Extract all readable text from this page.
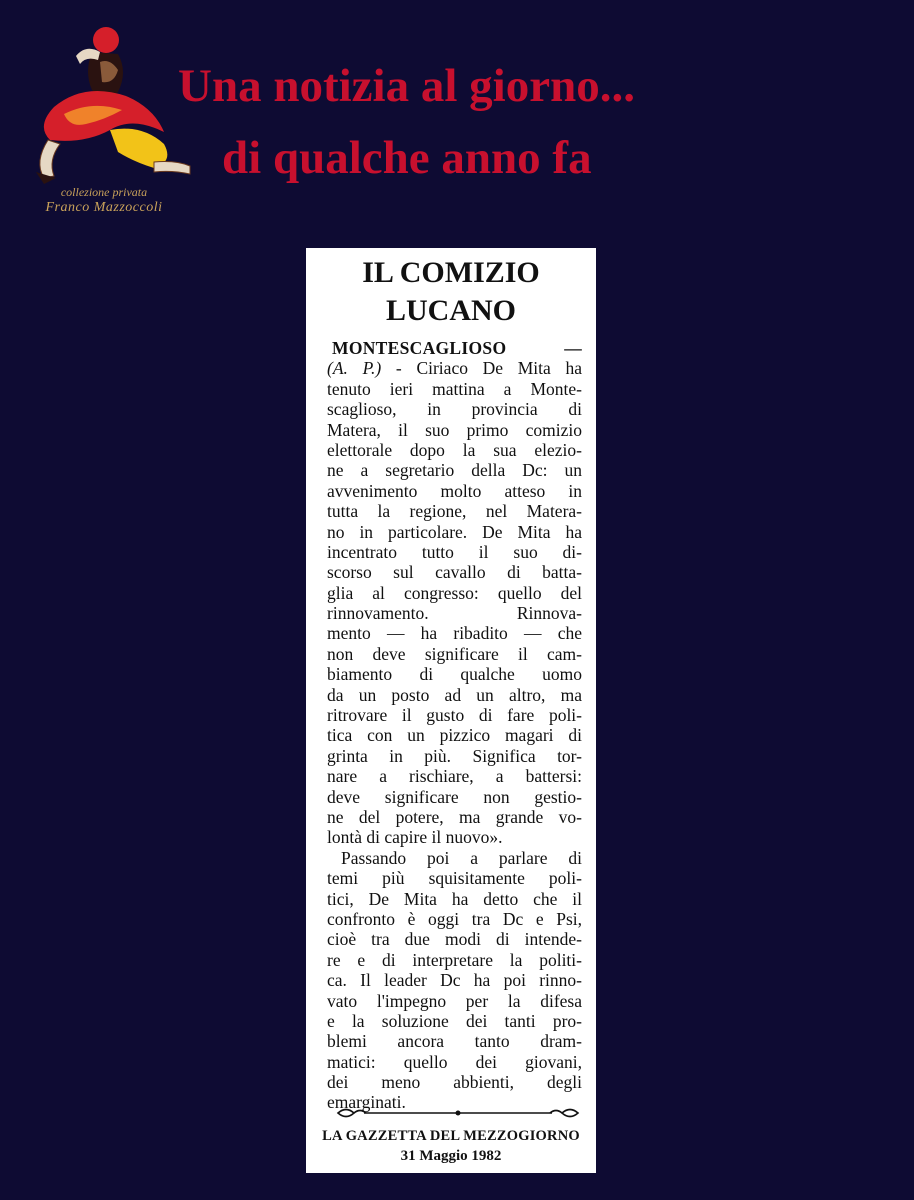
collezione privata
Franco Mazzoccoli
Una notizia al giorno...
di qualche anno fa
IL COMIZIO
LUCANO
MONTESCAGLIOSO —
(A. P.) - Ciriaco De Mita ha
tenuto ieri mattina a Monte-
scaglioso, in provincia di
Matera, il suo primo comizio
elettorale dopo la sua elezio-
ne a segretario della Dc: un
avvenimento molto atteso in
tutta la regione, nel Matera-
no in particolare. De Mita ha
incentrato tutto il suo di-
scorso sul cavallo di batta-
glia al congresso: quello del
rinnovamento. Rinnova-
mento — ha ribadito — che
non deve significare il cam-
biamento di qualche uomo
da un posto ad un altro, ma
ritrovare il gusto di fare poli-
tica con un pizzico magari di
grinta in più. Significa tor-
nare a rischiare, a battersi:
deve significare non gestio-
ne del potere, ma grande vo-
lontà di capire il nuovo».
Passando poi a parlare di
temi più squisitamente poli-
tici, De Mita ha detto che il
confronto è oggi tra Dc e Psi,
cioè tra due modi di intende-
re e di interpretare la politi-
ca. Il leader Dc ha poi rinno-
vato l'impegno per la difesa
e la soluzione dei tanti pro-
blemi ancora tanto dram-
matici: quello dei giovani,
dei meno abbienti, degli
emarginati.
LA GAZZETTA DEL MEZZOGIORNO
31 Maggio 1982
